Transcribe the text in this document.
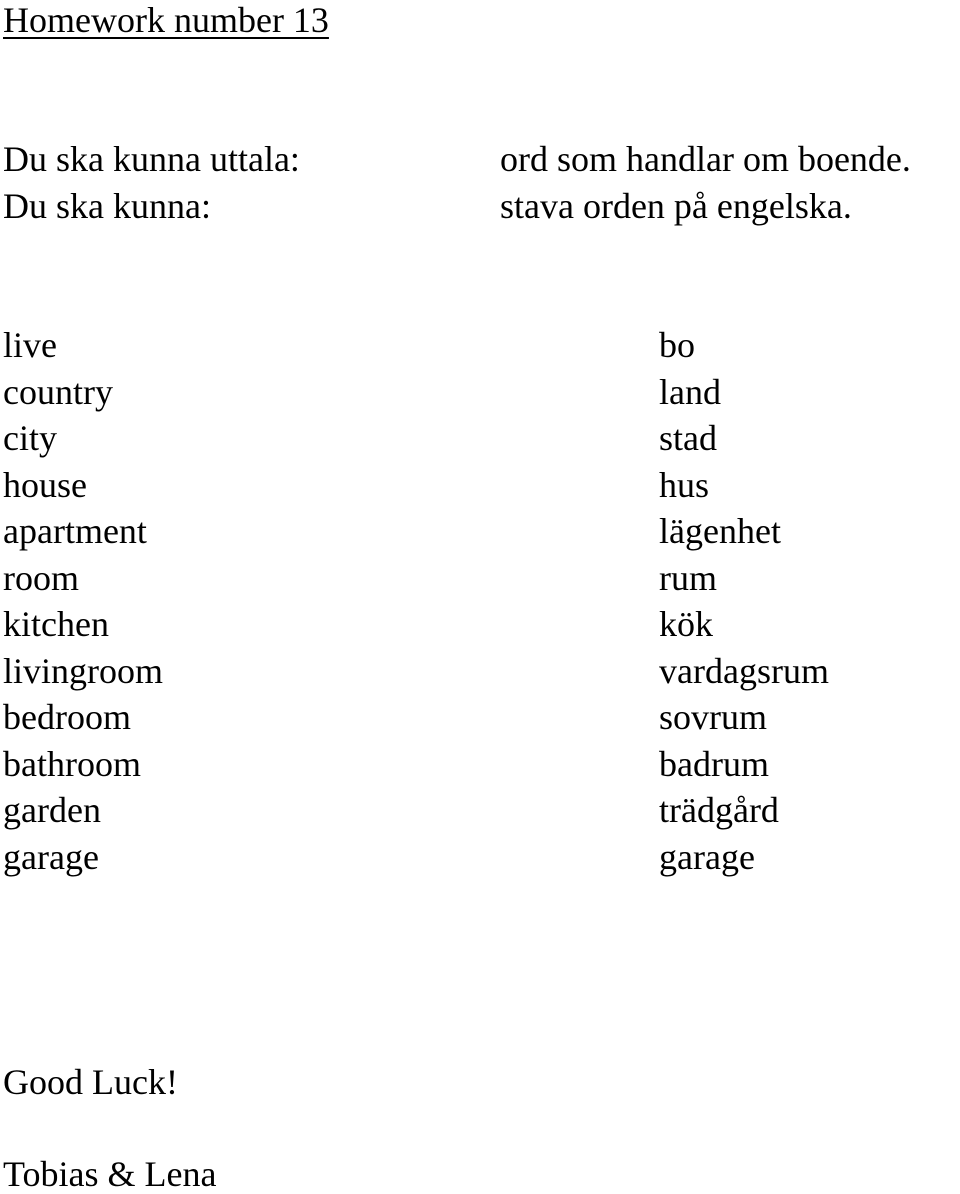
Homework number 13
Du ska kunna uttala:	ord som handlar om boende.
Du ska kunna:	stava orden på engelska.
live	bo
country	land
city	stad
house	hus
apartment	lägenhet
room	rum
kitchen	kök
livingroom	vardagsrum
bedroom	sovrum
bathroom	badrum
garden	trädgård
garage	garage
Good Luck!
Tobias & Lena
